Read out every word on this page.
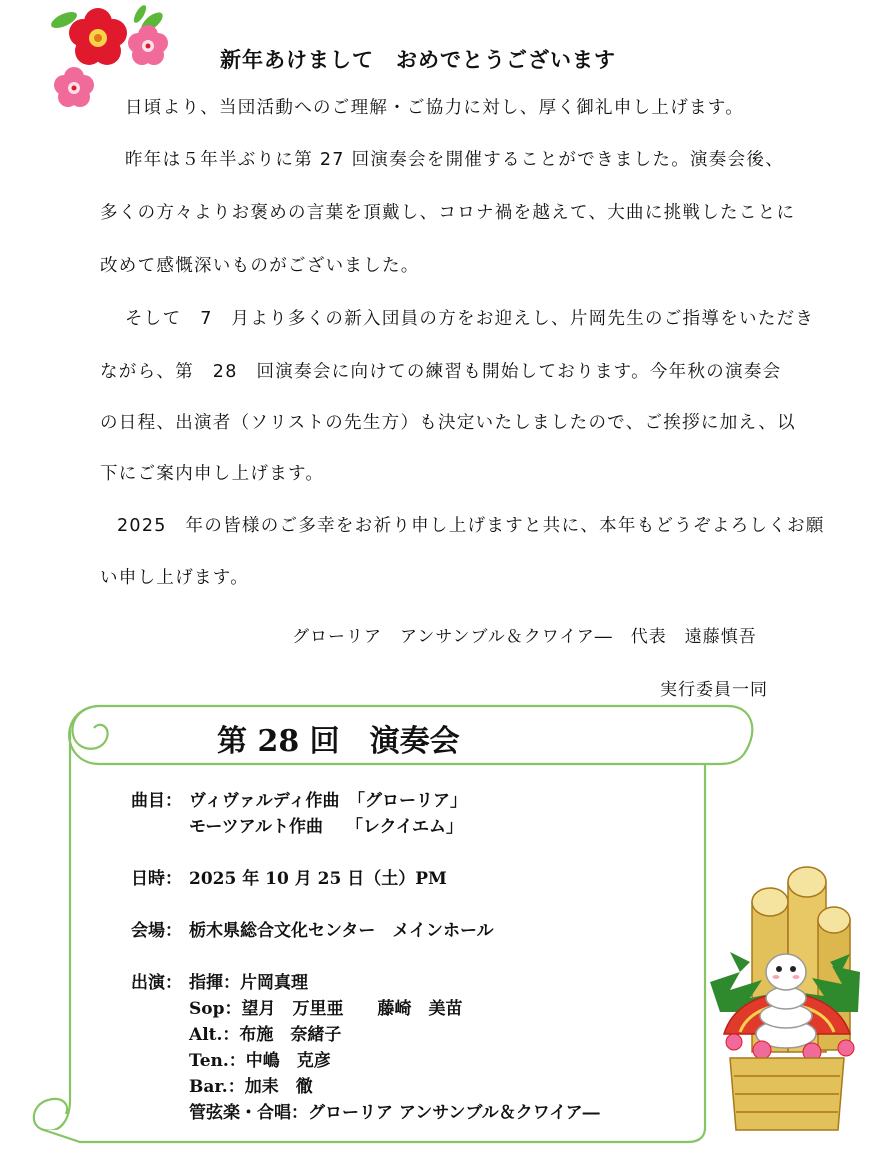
新年あけまして　おめでとうございます
日頃より、当団活動へのご理解・ご協力に対し、厚く御礼申し上げます。
昨年は５年半ぶりに第 27 回演奏会を開催することができました。演奏会後、
多くの方々よりお褒めの言葉を頂戴し、コロナ禍を越えて、大曲に挑戦したことに
改めて感慨深いものがございました。
そして　7　月より多くの新入団員の方をお迎えし、片岡先生のご指導をいただき
ながら、第　28　回演奏会に向けての練習も開始しております。今年秋の演奏会
の日程、出演者（ソリストの先生方）も決定いたしましたので、ご挨拶に加え、以
下にご案内申し上げます。
2025　年の皆様のご多幸をお祈り申し上げますと共に、本年もどうぞよろしくお願
い申し上げます。
グローリア　アンサンブル＆クワイア―　代表　遠藤慎吾
実行委員一同
第 28 回　演奏会
曲目： ヴィヴァルディ作曲　「グローリア」
モーツアルト作曲　 「レクイエム」
日時： 2025 年 10 月 25 日（土）PM
会場： 栃木県総合文化センター　メインホール
出演： 指揮：片岡真理
Sop：望月　万里亜　　藤崎　美苗
Alt.：布施　奈緒子
Ten.：中嶋　克彦
Bar.：加耒　徹
管弦楽・合唱：グローリア アンサンブル＆クワイア―
